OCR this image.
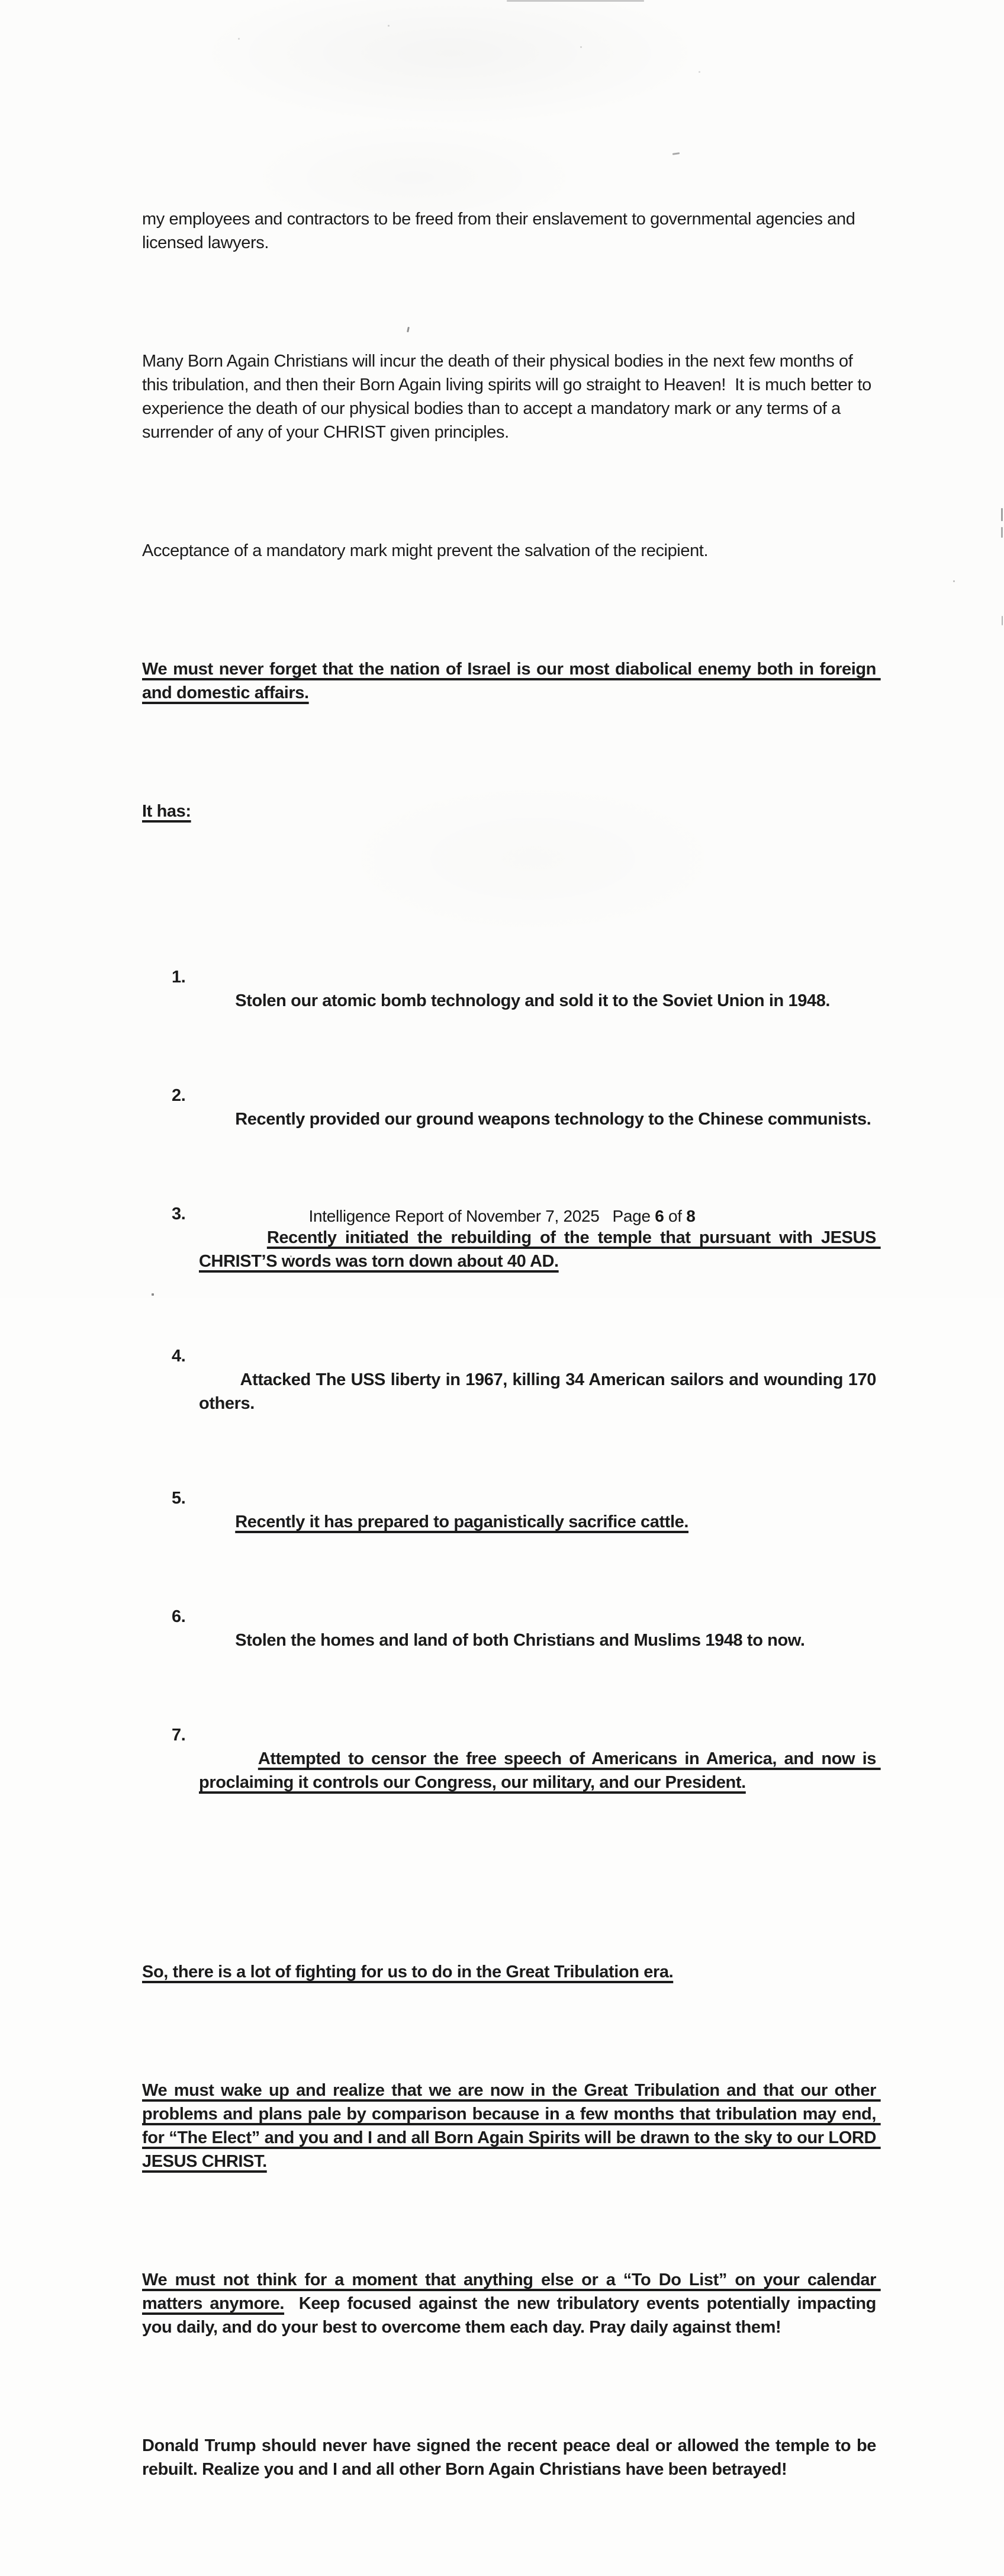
my employees and contractors to be freed from their enslavement to governmental agencies and  licensed lawyers.

Many Born Again Christians will incur the death of their physical bodies in the next few months of this tribulation, and then their Born Again living spirits will go straight to Heaven!  It is much better to experience the death of our physical bodies than to accept a mandatory mark or any terms of a surrender of any of your CHRIST given principles.

Acceptance of a mandatory mark might prevent the salvation of the recipient.

We must never forget that the nation of Israel is our most diabolical enemy both in foreign and domestic affairs.

It has:

1.
Stolen our atomic bomb technology and sold it to the Soviet Union in 1948.

2.
Recently provided our ground weapons technology to the Chinese communists.

3.
Recently initiated the rebuilding of the temple that pursuant with JESUS CHRIST’S words was torn down about 40 AD.

4.
Attacked The USS liberty in 1967, killing 34 American sailors and wounding 170 others.

5.
Recently it has prepared to paganistically sacrifice cattle.

6.
Stolen the homes and land of both Christians and Muslims 1948 to now.

7.
Attempted to censor the free speech of Americans in America, and now is proclaiming it controls our Congress, our military, and our President.

So, there is a lot of fighting for us to do in the Great Tribulation era.

We must wake up and realize that we are now in the Great Tribulation and that our other problems and plans pale by comparison because in a few months that tribulation may end, for “The Elect” and you and I and all Born Again Spirits will be drawn to the sky to our LORD JESUS CHRIST.

We must not think for a moment that anything else or a “To Do List” on your calendar matters anymore.  Keep focused against the new tribulatory events potentially impacting you daily, and do your best to overcome them each day. Pray daily against them!

Donald Trump should never have signed the recent peace deal or allowed the temple to be rebuilt. Realize you and I and all other Born Again Christians have been betrayed!

Intelligence Report of November 7, 2025 Page 6 of 8
